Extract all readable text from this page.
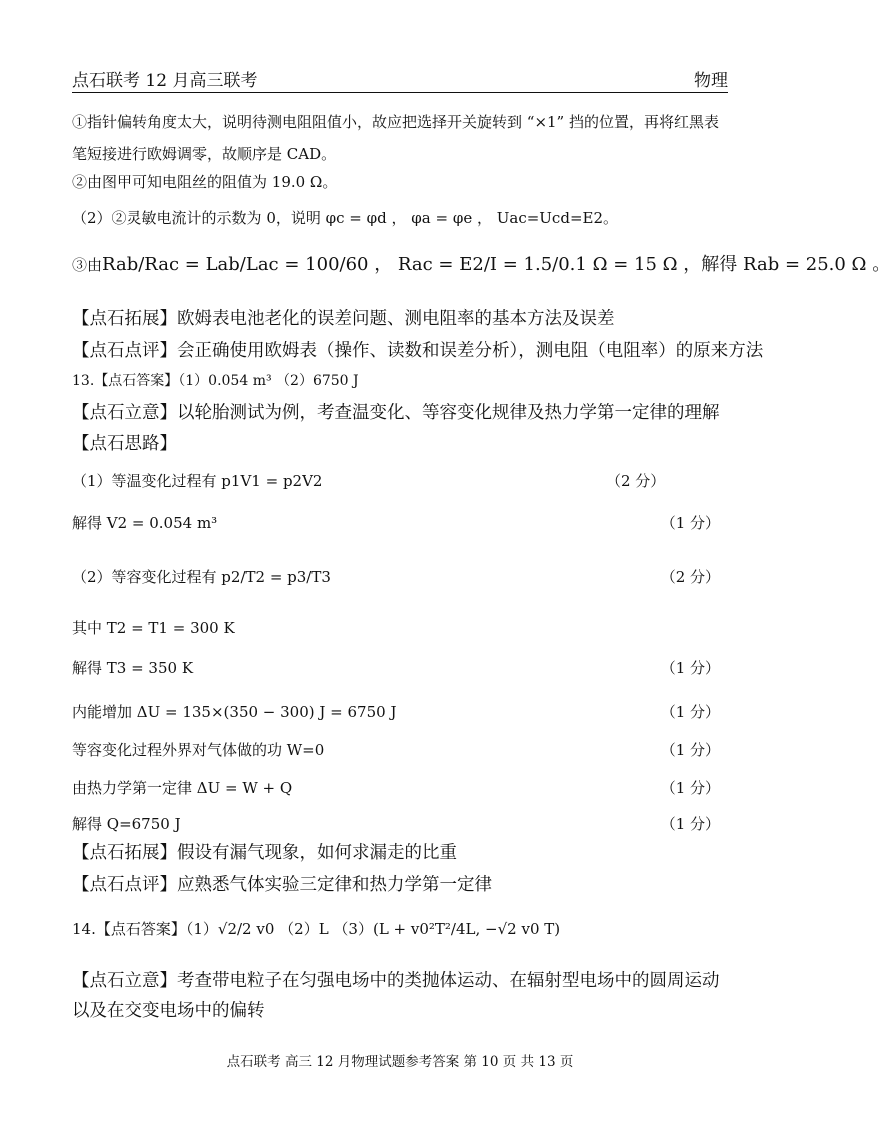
点石联考 12 月高三联考	物理
①指针偏转角度太大，说明待测电阻阻值小，故应把选择开关旋转到 “×1” 挡的位置，再将红黑表笔短接进行欧姆调零，故顺序是 CAD。
②由图甲可知电阻丝的阻值为 19.0 Ω。
（2）②灵敏电流计的示数为 0，说明 φc = φd ， φa = φe ， Uac=Ucd=E2。
③由Rab/Rac = Lab/Lac = 100/60 ， Rac = E2/I = 1.5/0.1 Ω = 15 Ω ，解得 Rab = 25.0 Ω 。
【点石拓展】欧姆表电池老化的误差问题、测电阻率的基本方法及误差
【点石点评】会正确使用欧姆表（操作、读数和误差分析），测电阻（电阻率）的原来方法
13.【点石答案】（1）0.054 m³ （2）6750 J
【点石立意】以轮胎测试为例，考查温变化、等容变化规律及热力学第一定律的理解
【点石思路】
（1）等温变化过程有 p1V1 = p2V2	（2 分）
解得 V2 = 0.054 m³	（1 分）
（2）等容变化过程有 p2/T2 = p3/T3	（2 分）
其中 T2 = T1 = 300 K
解得 T3 = 350 K	（1 分）
内能增加 ΔU = 135×(350 − 300) J = 6750 J	（1 分）
等容变化过程外界对气体做的功 W=0	（1 分）
由热力学第一定律 ΔU = W + Q	（1 分）
解得 Q=6750 J	（1 分）
【点石拓展】假设有漏气现象，如何求漏走的比重
【点石点评】应熟悉气体实验三定律和热力学第一定律
14.【点石答案】（1）√2/2 v0 （2）L （3）(L + v0²T²/4L, −√2 v0 T)
【点石立意】考查带电粒子在匀强电场中的类抛体运动、在辐射型电场中的圆周运动以及在交变电场中的偏转
点石联考 高三 12 月物理试题参考答案 第 10 页 共 13 页
